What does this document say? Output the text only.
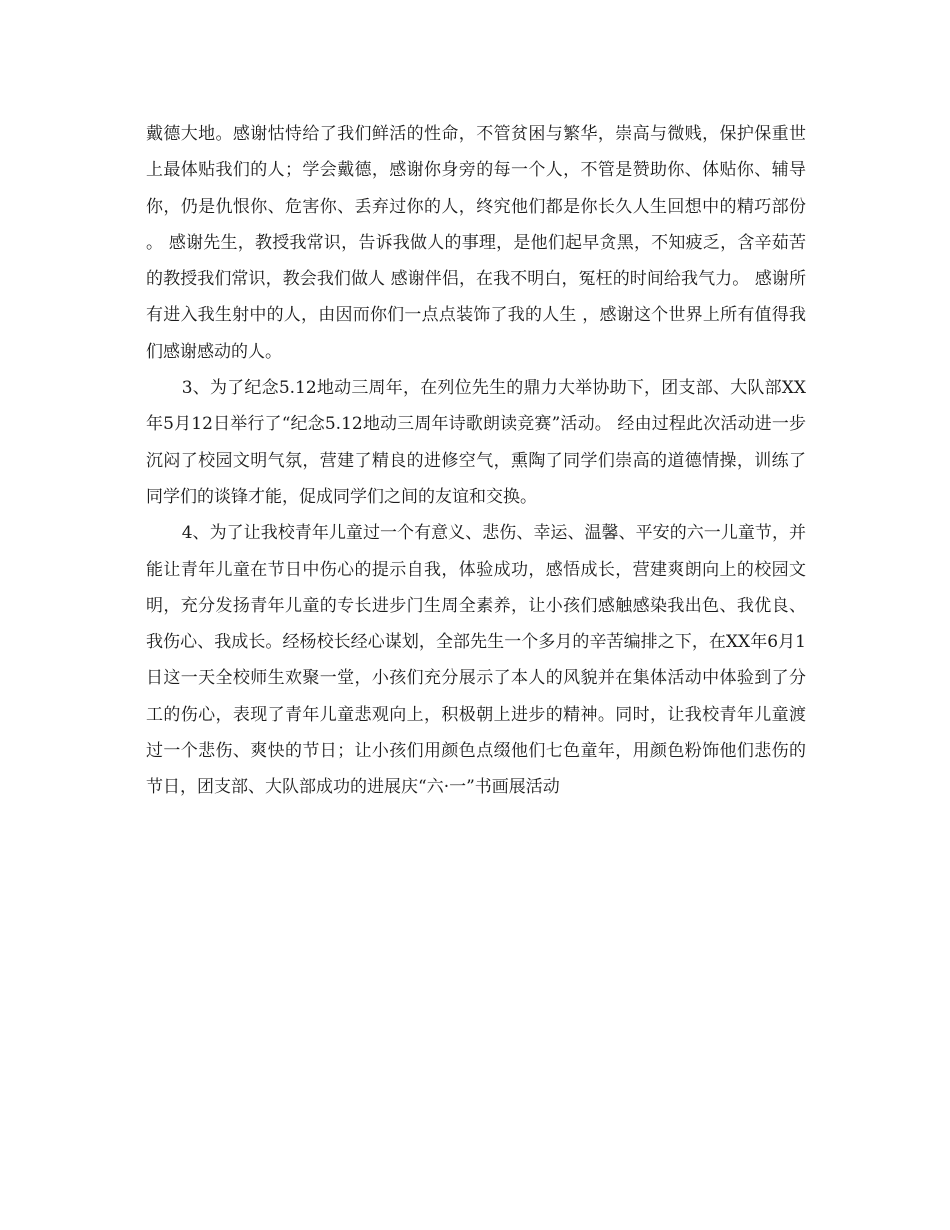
戴德大地。感谢怙恃给了我们鲜活的性命，不管贫困与繁华，崇高与微贱，保护保重世上最体贴我们的人；学会戴德，感谢你身旁的每一个人，不管是赞助你、体贴你、辅导你，仍是仇恨你、危害你、丢弃过你的人，终究他们都是你长久人生回想中的精巧部份。 感谢先生，教授我常识，告诉我做人的事理，是他们起早贪黑，不知疲乏，含辛茹苦的教授我们常识，教会我们做人 感谢伴侣，在我不明白，冤枉的时间给我气力。 感谢所有进入我生射中的人，由因而你们一点点装饰了我的人生 ，感谢这个世界上所有值得我们感谢感动的人。

3、为了纪念5.12地动三周年，在列位先生的鼎力大举协助下，团支部、大队部XX年5月12日举行了“纪念5.12地动三周年诗歌朗读竞赛”活动。 经由过程此次活动进一步沉闷了校园文明气氛，营建了精良的进修空气，熏陶了同学们崇高的道德情操，训练了同学们的谈锋才能，促成同学们之间的友谊和交换。

4、为了让我校青年儿童过一个有意义、悲伤、幸运、温馨、平安的六一儿童节，并能让青年儿童在节日中伤心的提示自我，体验成功，感悟成长，营建爽朗向上的校园文明，充分发扬青年儿童的专长进步门生周全素养，让小孩们感触感染我出色、我优良、我伤心、我成长。经杨校长经心谋划，全部先生一个多月的辛苦编排之下，在XX年6月1日这一天全校师生欢聚一堂，小孩们充分展示了本人的风貌并在集体活动中体验到了分工的伤心，表现了青年儿童悲观向上，积极朝上进步的精神。同时，让我校青年儿童渡过一个悲伤、爽快的节日；让小孩们用颜色点缀他们七色童年，用颜色粉饰他们悲伤的节日，团支部、大队部成功的进展庆“六·一”书画展活动
